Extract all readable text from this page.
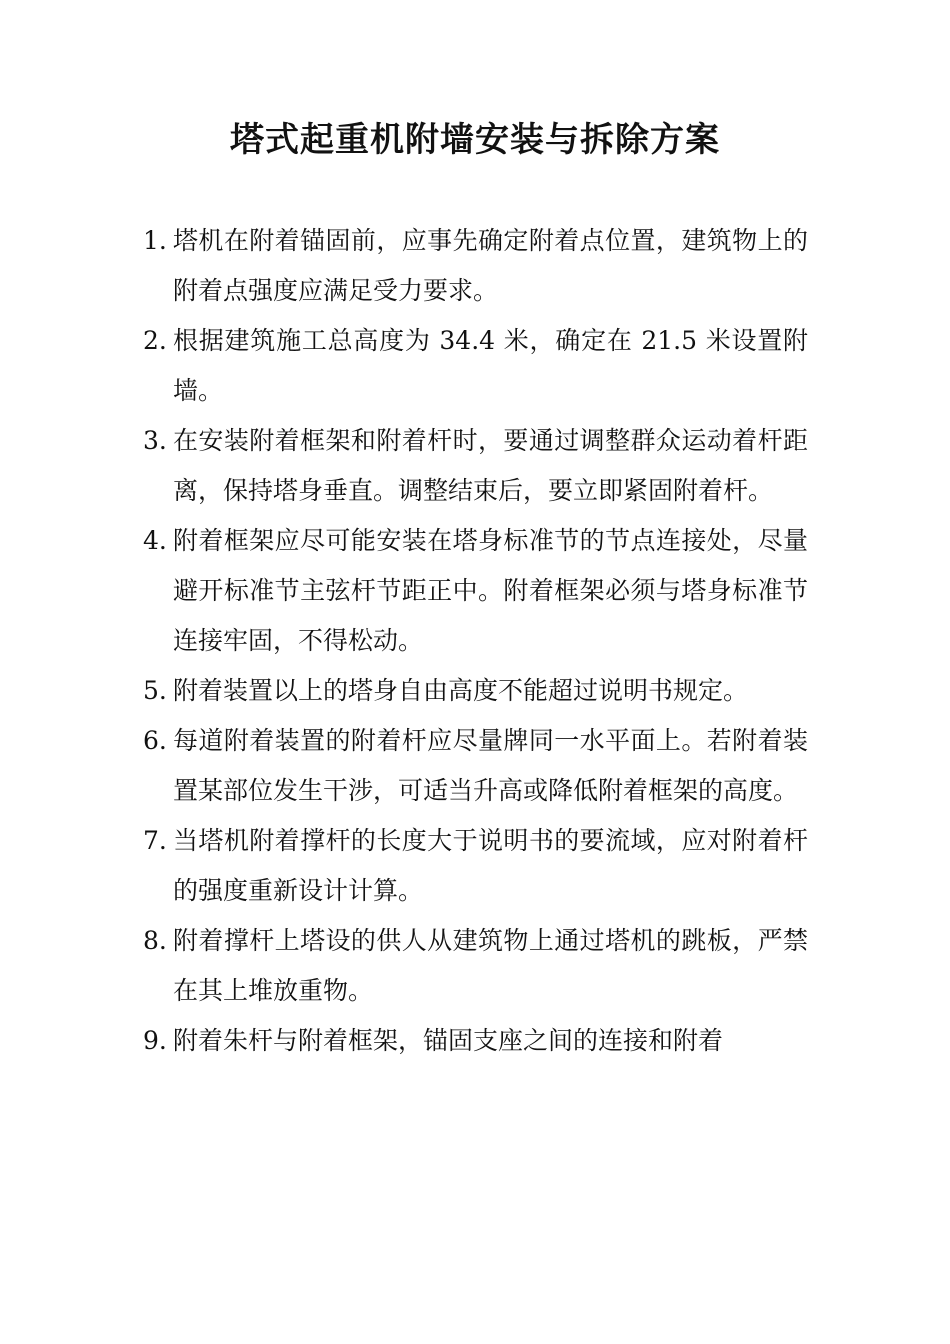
塔式起重机附墙安装与拆除方案
1. 塔机在附着锚固前，应事先确定附着点位置，建筑物上的附着点强度应满足受力要求。
2. 根据建筑施工总高度为 34.4 米，确定在 21.5 米设置附墙。
3. 在安装附着框架和附着杆时，要通过调整群众运动着杆距离，保持塔身垂直。调整结束后，要立即紧固附着杆。
4. 附着框架应尽可能安装在塔身标准节的节点连接处，尽量避开标准节主弦杆节距正中。附着框架必须与塔身标准节连接牢固，不得松动。
5. 附着装置以上的塔身自由高度不能超过说明书规定。
6. 每道附着装置的附着杆应尽量牌同一水平面上。若附着装置某部位发生干涉，可适当升高或降低附着框架的高度。
7. 当塔机附着撑杆的长度大于说明书的要流域，应对附着杆的强度重新设计计算。
8. 附着撑杆上塔设的供人从建筑物上通过塔机的跳板，严禁在其上堆放重物。
9. 附着朱杆与附着框架，锚固支座之间的连接和附着
